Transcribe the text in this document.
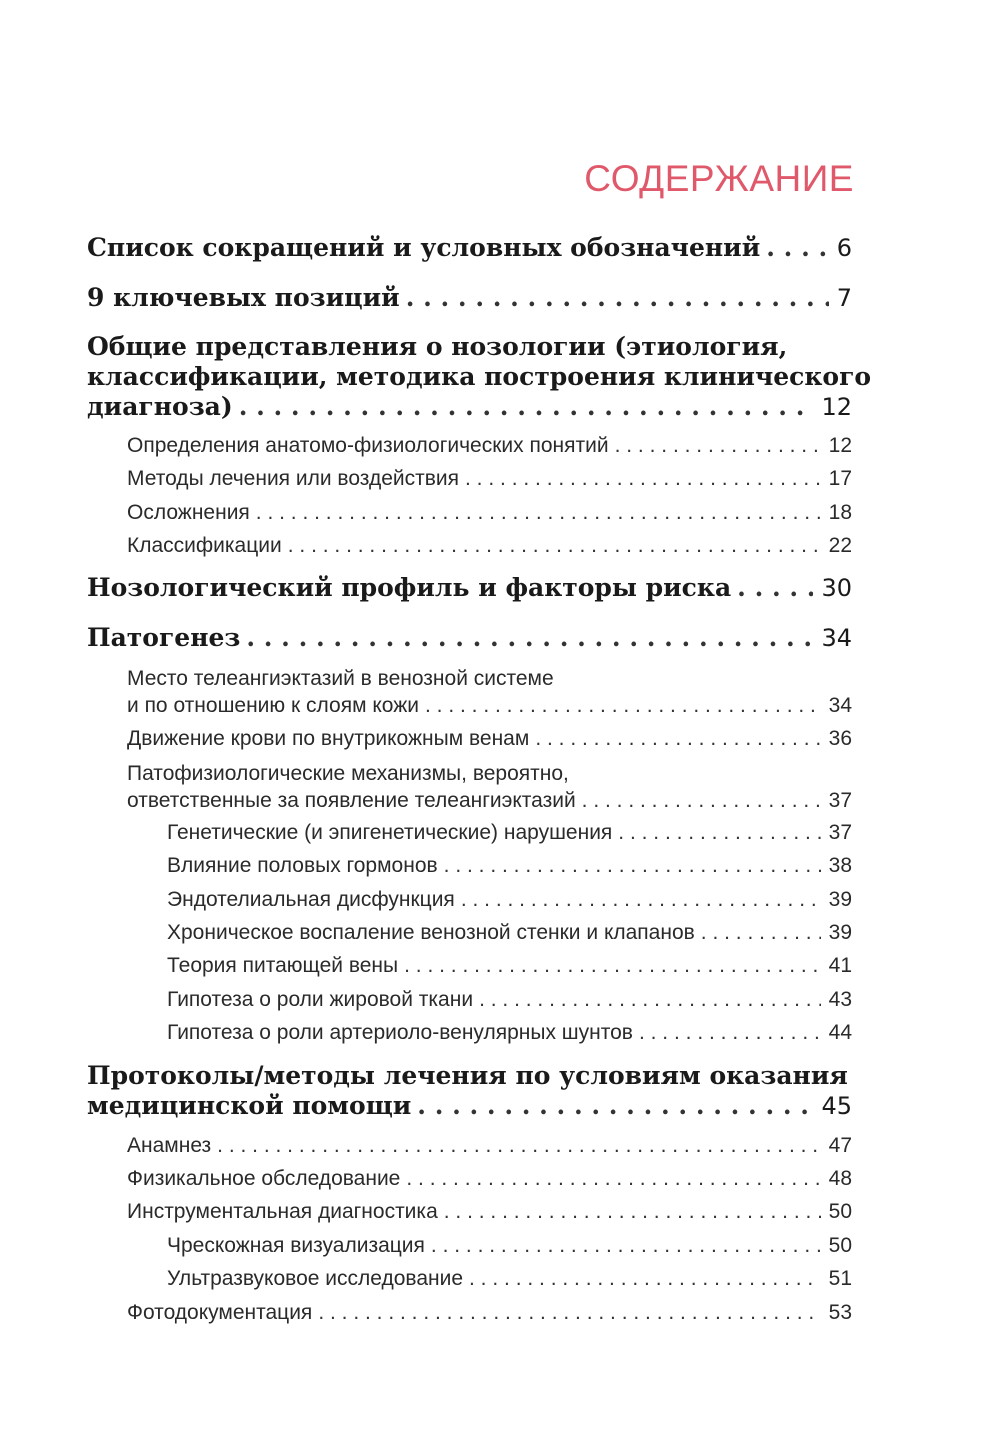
СОДЕРЖАНИЕ
Список сокращений и условных обозначений . . .	6
9 ключевых позиций . . .	7
Общие представления о нозологии (этиология,
классификации, методика построения клинического
диагноза) . . .	12
Определения анатомо-физиологических понятий . . .	12
Методы лечения или воздействия . . .	17
Осложнения . . .	18
Классификации . . .	22
Нозологический профиль и факторы риска . . .	30
Патогенез . . .	34
Место телеангиэктазий в венозной системе
и по отношению к слоям кожи . . .	34
Движение крови по внутрикожным венам . . .	36
Патофизиологические механизмы, вероятно,
ответственные за появление телеангиэктазий . . .	37
Генетические (и эпигенетические) нарушения . . .	37
Влияние половых гормонов . . .	38
Эндотелиальная дисфункция . . .	39
Хроническое воспаление венозной стенки и клапанов . . .	39
Теория питающей вены . . .	41
Гипотеза о роли жировой ткани . . .	43
Гипотеза о роли артериоло-венулярных шунтов . . .	44
Протоколы/методы лечения по условиям оказания
медицинской помощи . . .	45
Анамнез . . .	47
Физикальное обследование . . .	48
Инструментальная диагностика . . .	50
Чрескожная визуализация . . .	50
Ультразвуковое исследование . . .	51
Фотодокументация . . .	53
